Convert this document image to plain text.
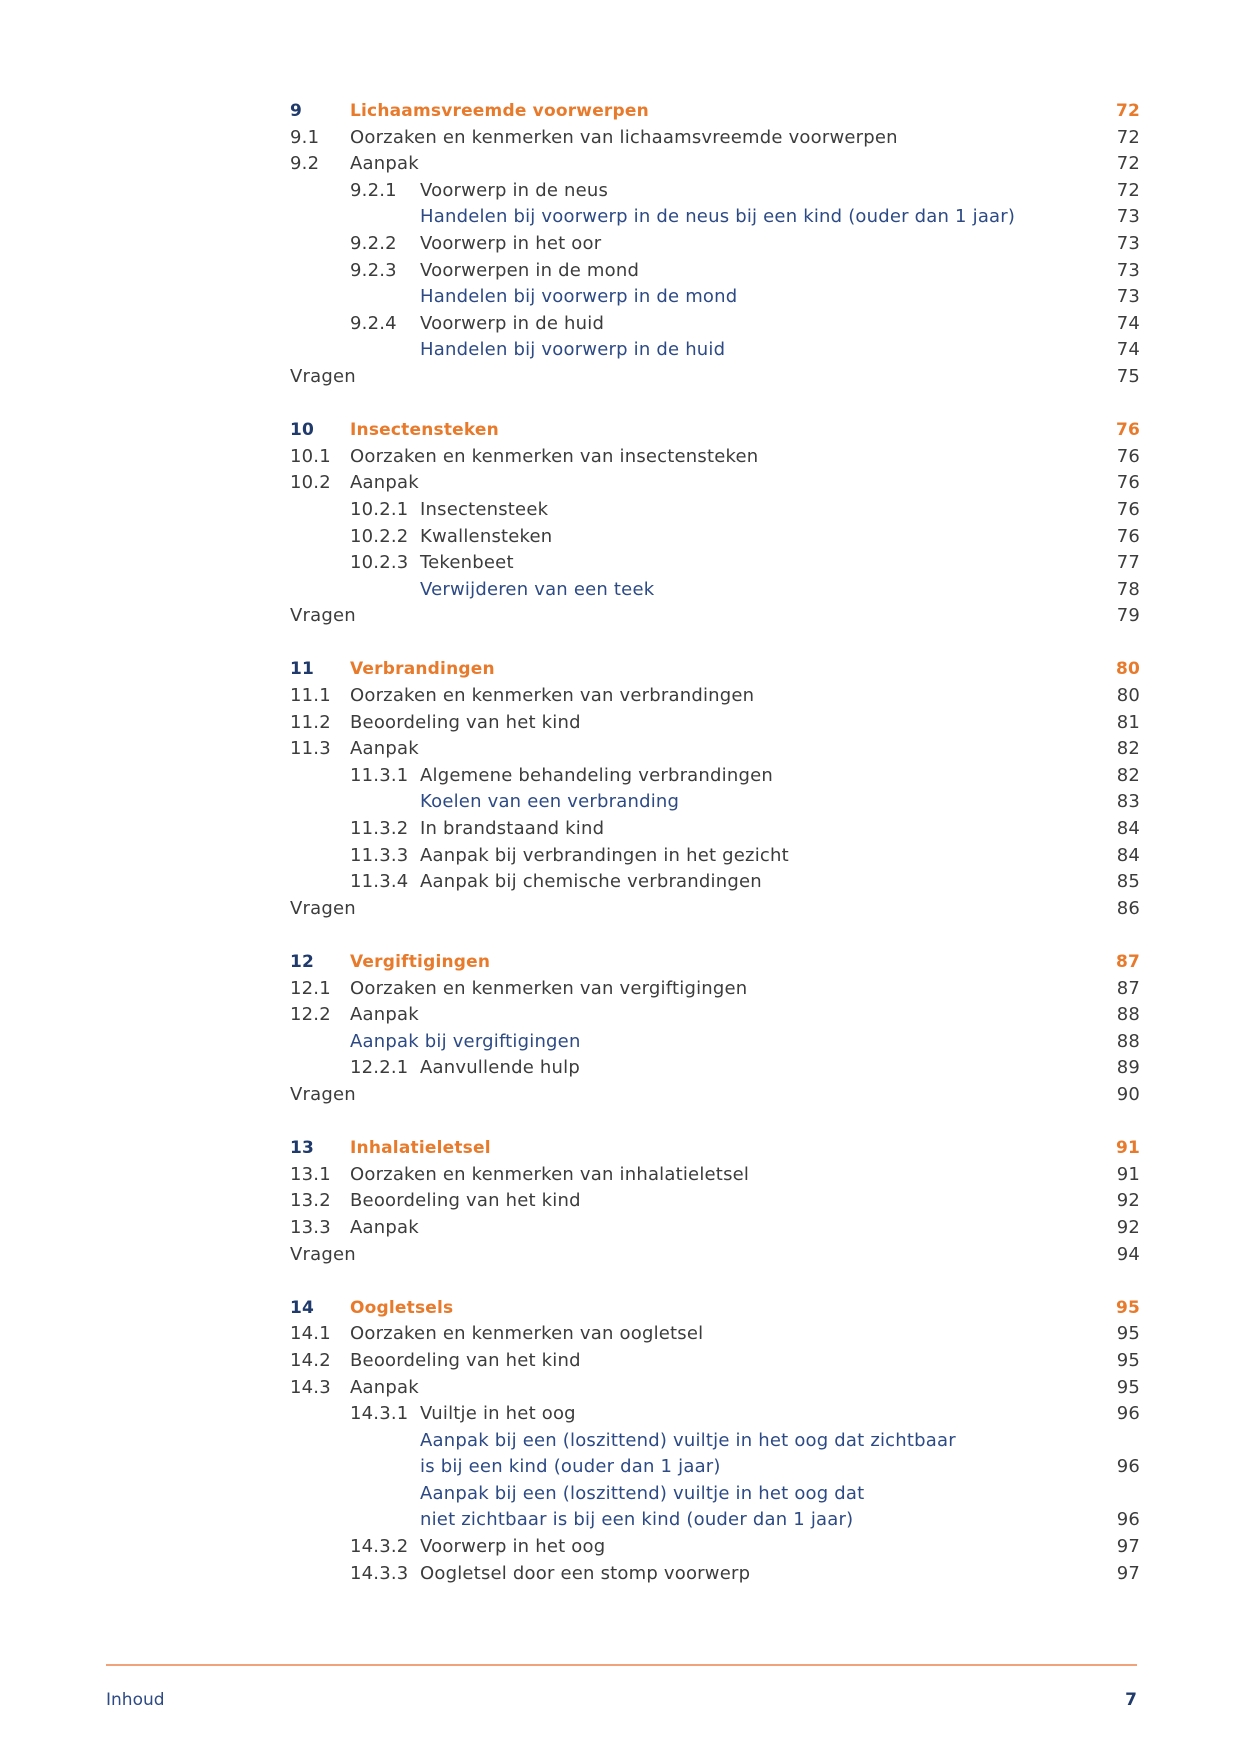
9	Lichaamsvreemde voorwerpen	72
9.1 Oorzaken en kenmerken van lichaamsvreemde voorwerpen	72
9.2 Aanpak	72
9.2.1 Voorwerp in de neus	72
Handelen bij voorwerp in de neus bij een kind (ouder dan 1 jaar)	73
9.2.2 Voorwerp in het oor	73
9.2.3 Voorwerpen in de mond	73
Handelen bij voorwerp in de mond	73
9.2.4 Voorwerp in de huid	74
Handelen bij voorwerp in de huid	74
Vragen	75
10 Insectensteken	76
10.1 Oorzaken en kenmerken van insectensteken	76
10.2 Aanpak	76
10.2.1 Insectensteek	76
10.2.2 Kwallensteken	76
10.2.3 Tekenbeet	77
Verwijderen van een teek	78
Vragen	79
11 Verbrandingen	80
11.1 Oorzaken en kenmerken van verbrandingen	80
11.2 Beoordeling van het kind	81
11.3 Aanpak	82
11.3.1 Algemene behandeling verbrandingen	82
Koelen van een verbranding	83
11.3.2 In brandstaand kind	84
11.3.3 Aanpak bij verbrandingen in het gezicht	84
11.3.4 Aanpak bij chemische verbrandingen	85
Vragen	86
12 Vergiftigingen	87
12.1 Oorzaken en kenmerken van vergiftigingen	87
12.2 Aanpak	88
Aanpak bij vergiftigingen	88
12.2.1 Aanvullende hulp	89
Vragen	90
13 Inhalatieletsel	91
13.1 Oorzaken en kenmerken van inhalatieletsel	91
13.2 Beoordeling van het kind	92
13.3 Aanpak	92
Vragen	94
14 Oogletsels	95
14.1 Oorzaken en kenmerken van oogletsel	95
14.2 Beoordeling van het kind	95
14.3 Aanpak	95
14.3.1 Vuiltje in het oog	96
Aanpak bij een (loszittend) vuiltje in het oog dat zichtbaar
is bij een kind (ouder dan 1 jaar)	96
Aanpak bij een (loszittend) vuiltje in het oog dat
niet zichtbaar is bij een kind (ouder dan 1 jaar)	96
14.3.2 Voorwerp in het oog	97
14.3.3 Oogletsel door een stomp voorwerp	97
Inhoud	7
